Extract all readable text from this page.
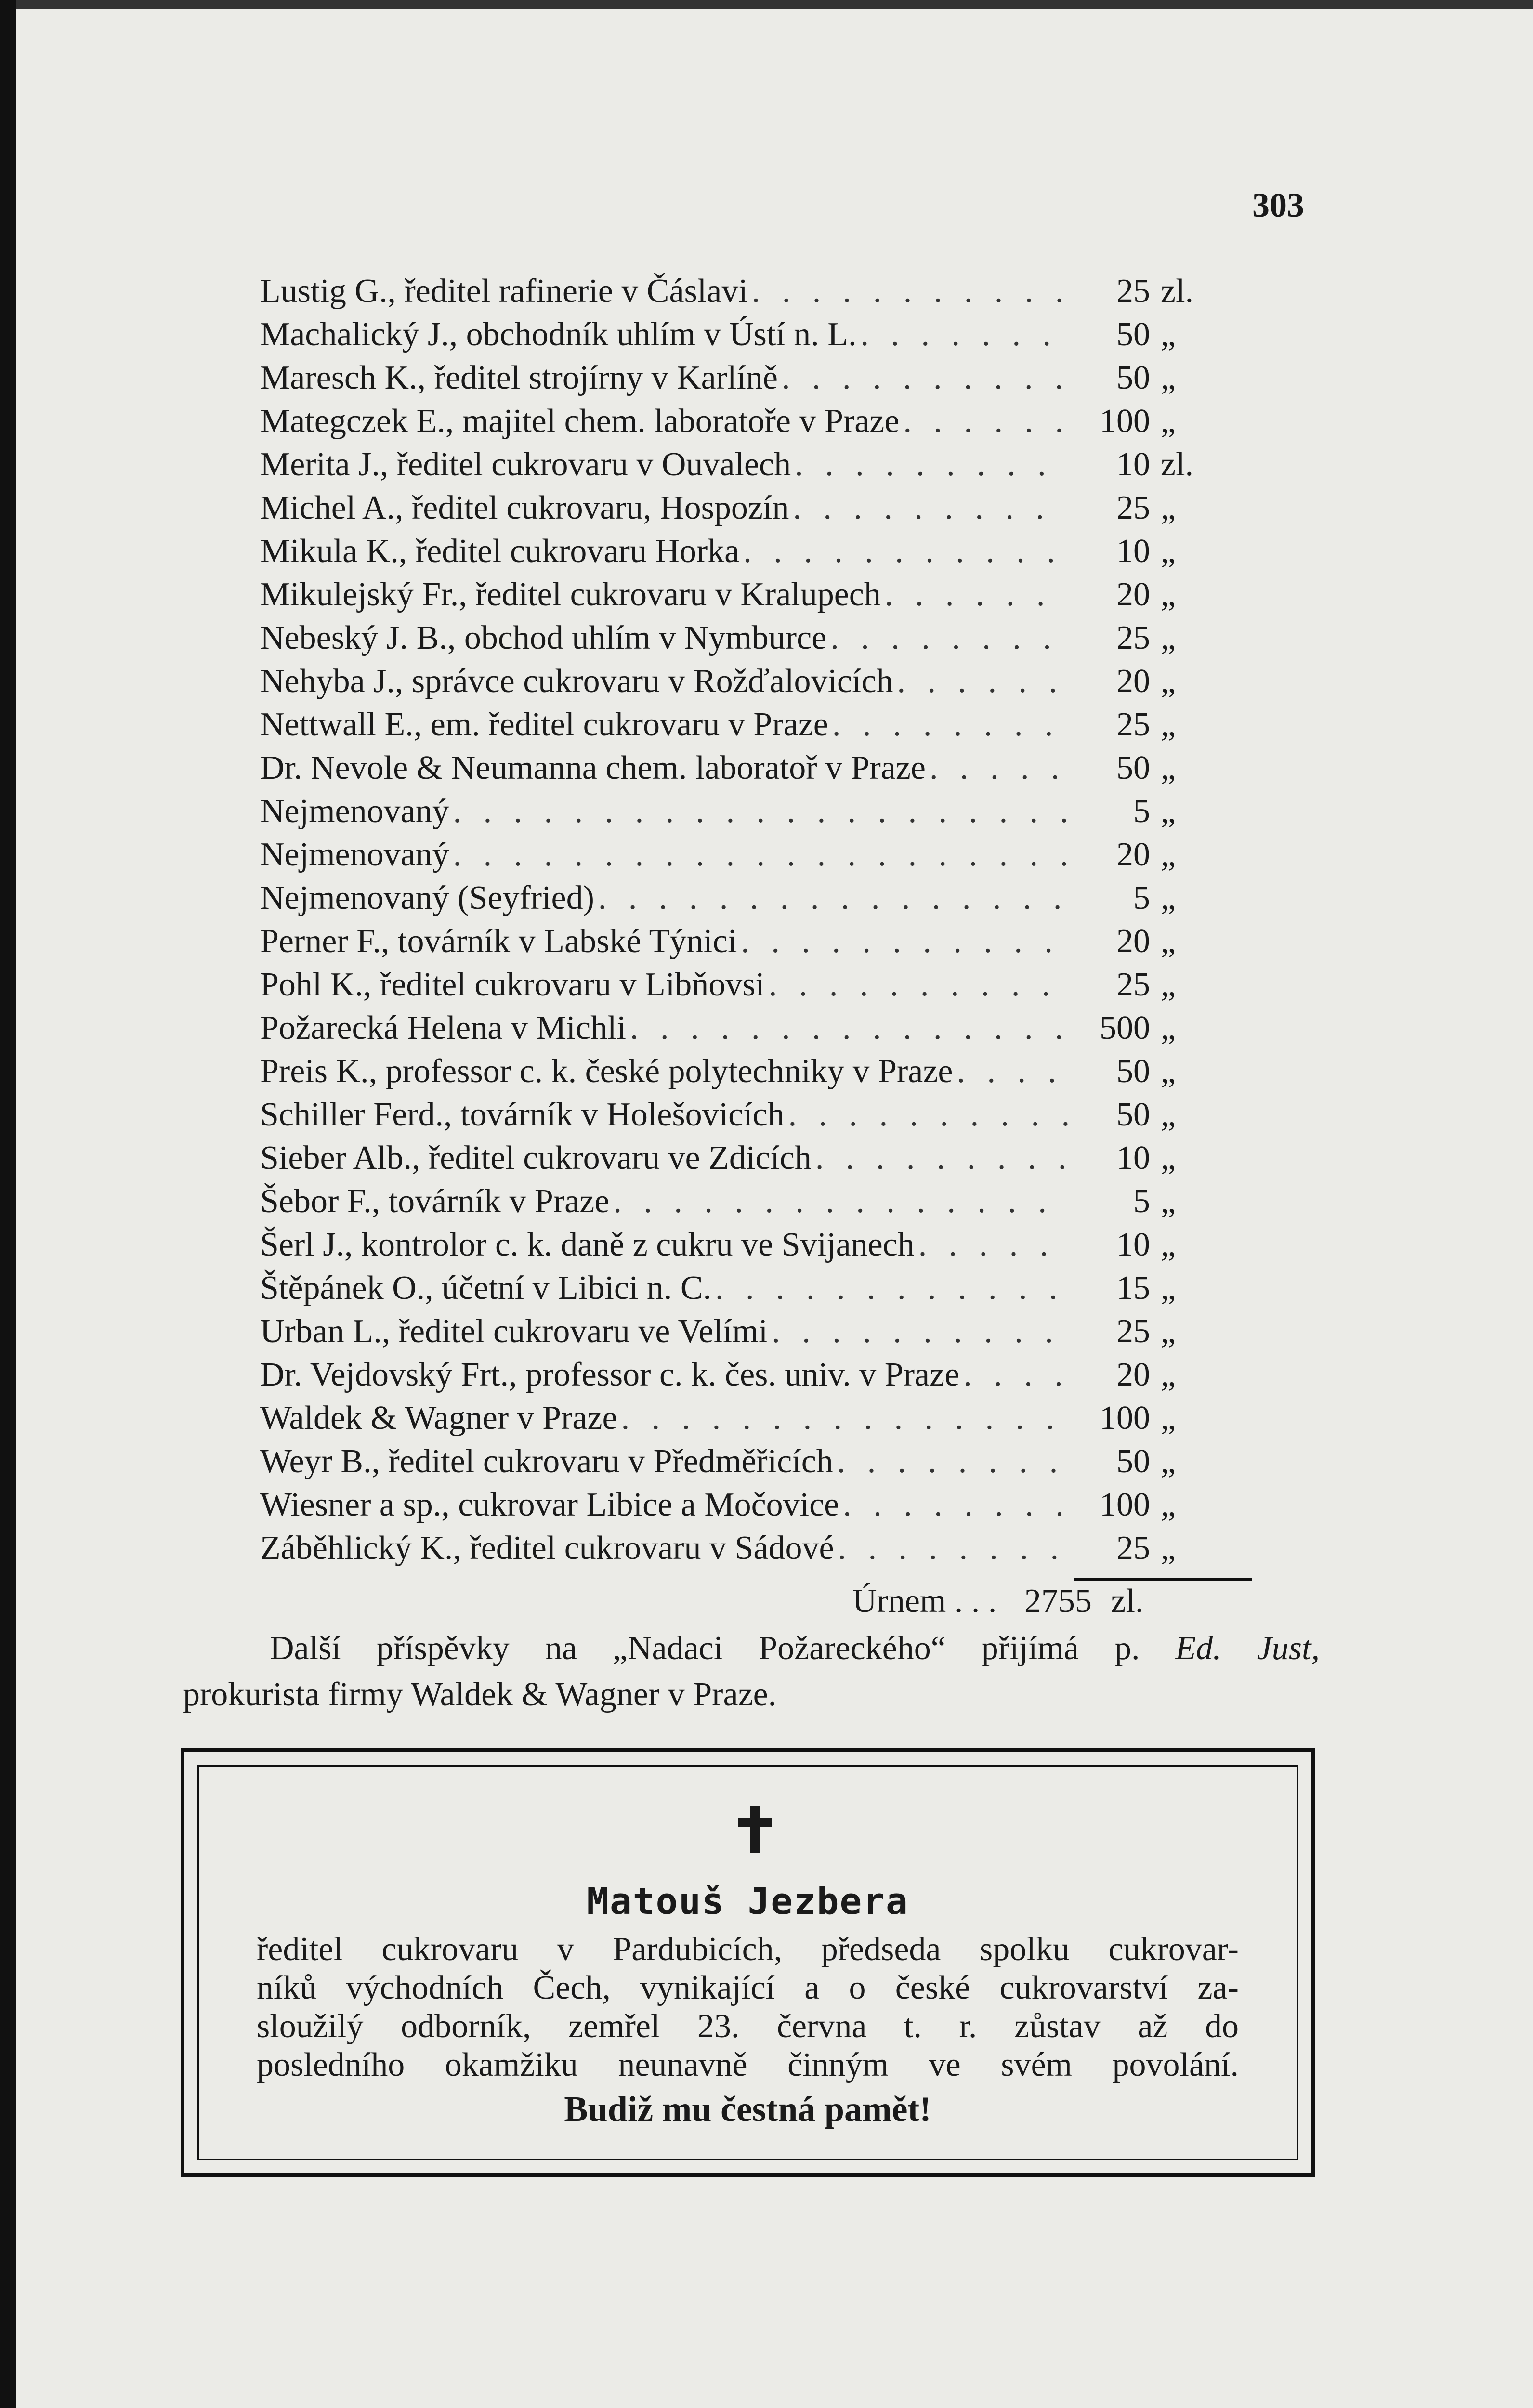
303
Lustig G., ředitel rafinerie v Čáslavi . . .	25 zl.
Machalický J., obchodník uhlím v Ústí n. L. . . .	50 „
Maresch K., ředitel strojírny v Karlíně . . .	50 „
Mategczek E., majitel chem. laboratoře v Praze . . .	100 „
Merita J., ředitel cukrovaru v Ouvalech . . .	10 zl.
Michel A., ředitel cukrovaru, Hospozín . . .	25 „
Mikula K., ředitel cukrovaru Horka . . .	10 „
Mikulejský Fr., ředitel cukrovaru v Kralupech . . .	20 „
Nebeský J. B., obchod uhlím v Nymburce . . .	25 „
Nehyba J., správce cukrovaru v Rožďalovicích . . .	20 „
Nettwall E., em. ředitel cukrovaru v Praze . . .	25 „
Dr. Nevole & Neumanna chem. laboratoř v Praze . . .	50 „
Nejmenovaný . . .	5 „
Nejmenovaný . . .	20 „
Nejmenovaný (Seyfried) . . .	5 „
Perner F., továrník v Labské Týnici . . .	20 „
Pohl K., ředitel cukrovaru v Libňovsi . . .	25 „
Požarecká Helena v Michli . . .	500 „
Preis K., professor c. k. české polytechniky v Praze . . .	50 „
Schiller Ferd., továrník v Holešovicích . . .	50 „
Sieber Alb., ředitel cukrovaru ve Zdicích . . .	10 „
Šebor F., továrník v Praze . . .	5 „
Šerl J., kontrolor c. k. daně z cukru ve Svijanech . . .	10 „
Štěpánek O., účetní v Libici n. C. . . .	15 „
Urban L., ředitel cukrovaru ve Velími . . .	25 „
Dr. Vejdovský Frt., professor c. k. čes. univ. v Praze . . .	20 „
Waldek & Wagner v Praze . . .	100 „
Weyr B., ředitel cukrovaru v Předměřicích . . .	50 „
Wiesner a sp., cukrovar Libice a Močovice . . .	100 „
Záběhlický K., ředitel cukrovaru v Sádové . . .	25 „
Úrnem . . . 2755 zl.
Další příspěvky na „Nadaci Požareckého“ přijímá p. Ed. Just,
prokurista firmy Waldek & Wagner v Praze.
✝
Matouš Jezbera
ředitel cukrovaru v Pardubicích, předseda spolku cukrovar-
níků východních Čech, vynikající a o české cukrovarství za-
sloužilý odborník, zemřel 23. června t. r. zůstav až do
posledního okamžiku neunavně činným ve svém povolání.
Budiž mu čestná pamět!
